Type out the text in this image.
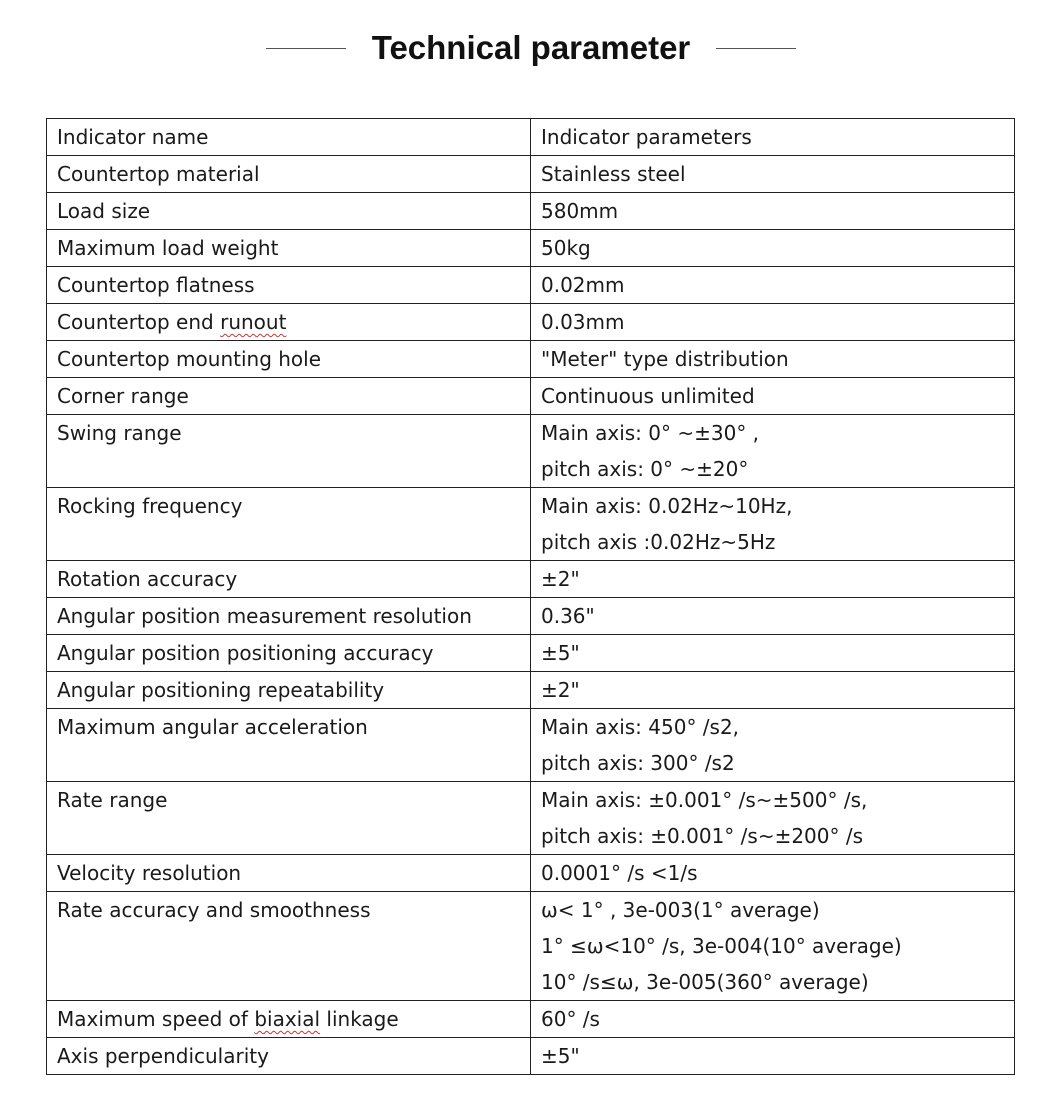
Technical parameter
Indicator name	Indicator parameters
Countertop material	Stainless steel

Load size	580mm

Maximum load weight	50kg

Countertop flatness	0.02mm

Countertop end runout	0.03mm

Countertop mounting hole	"Meter" type distribution

Corner range	Continuous unlimited

Swing range	Main axis: 0° ~±30° ,
pitch axis: 0° ~±20°

Rocking frequency	Main axis: 0.02Hz~10Hz,
pitch axis :0.02Hz~5Hz

Rotation accuracy	±2"

Angular position measurement resolution	0.36"

Angular position positioning accuracy	±5"

Angular positioning repeatability	±2"

Maximum angular acceleration	Main axis: 450° /s2,
pitch axis: 300° /s2

Rate range	Main axis: ±0.001° /s~±500° /s,
pitch axis: ±0.001° /s~±200° /s

Velocity resolution	0.0001° /s <1/s

Rate accuracy and smoothness	ω< 1° , 3e-003(1° average)
1° ≤ω<10° /s, 3e-004(10° average)
10° /s≤ω, 3e-005(360° average)

Maximum speed of biaxial linkage	60° /s

Axis perpendicularity	±5"
